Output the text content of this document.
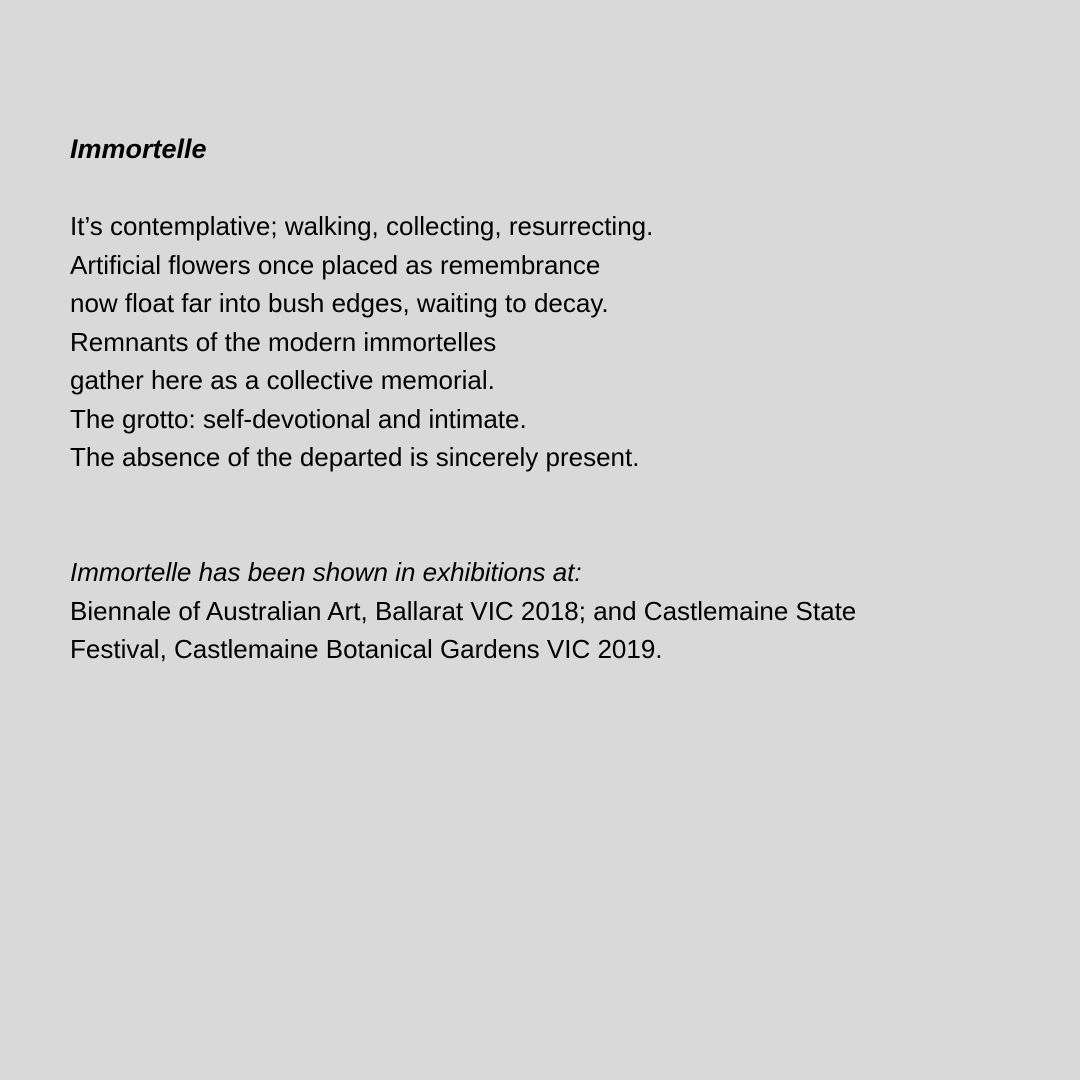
Immortelle
It’s contemplative; walking, collecting, resurrecting.
Artificial flowers once placed as remembrance
now float far into bush edges, waiting to decay.
Remnants of the modern immortelles
gather here as a collective memorial.
The grotto: self-devotional and intimate.
The absence of the departed is sincerely present.

Immortelle has been shown in exhibitions at:

Biennale of Australian Art, Ballarat VIC 2018; and Castlemaine State

Festival, Castlemaine Botanical Gardens VIC 2019.
